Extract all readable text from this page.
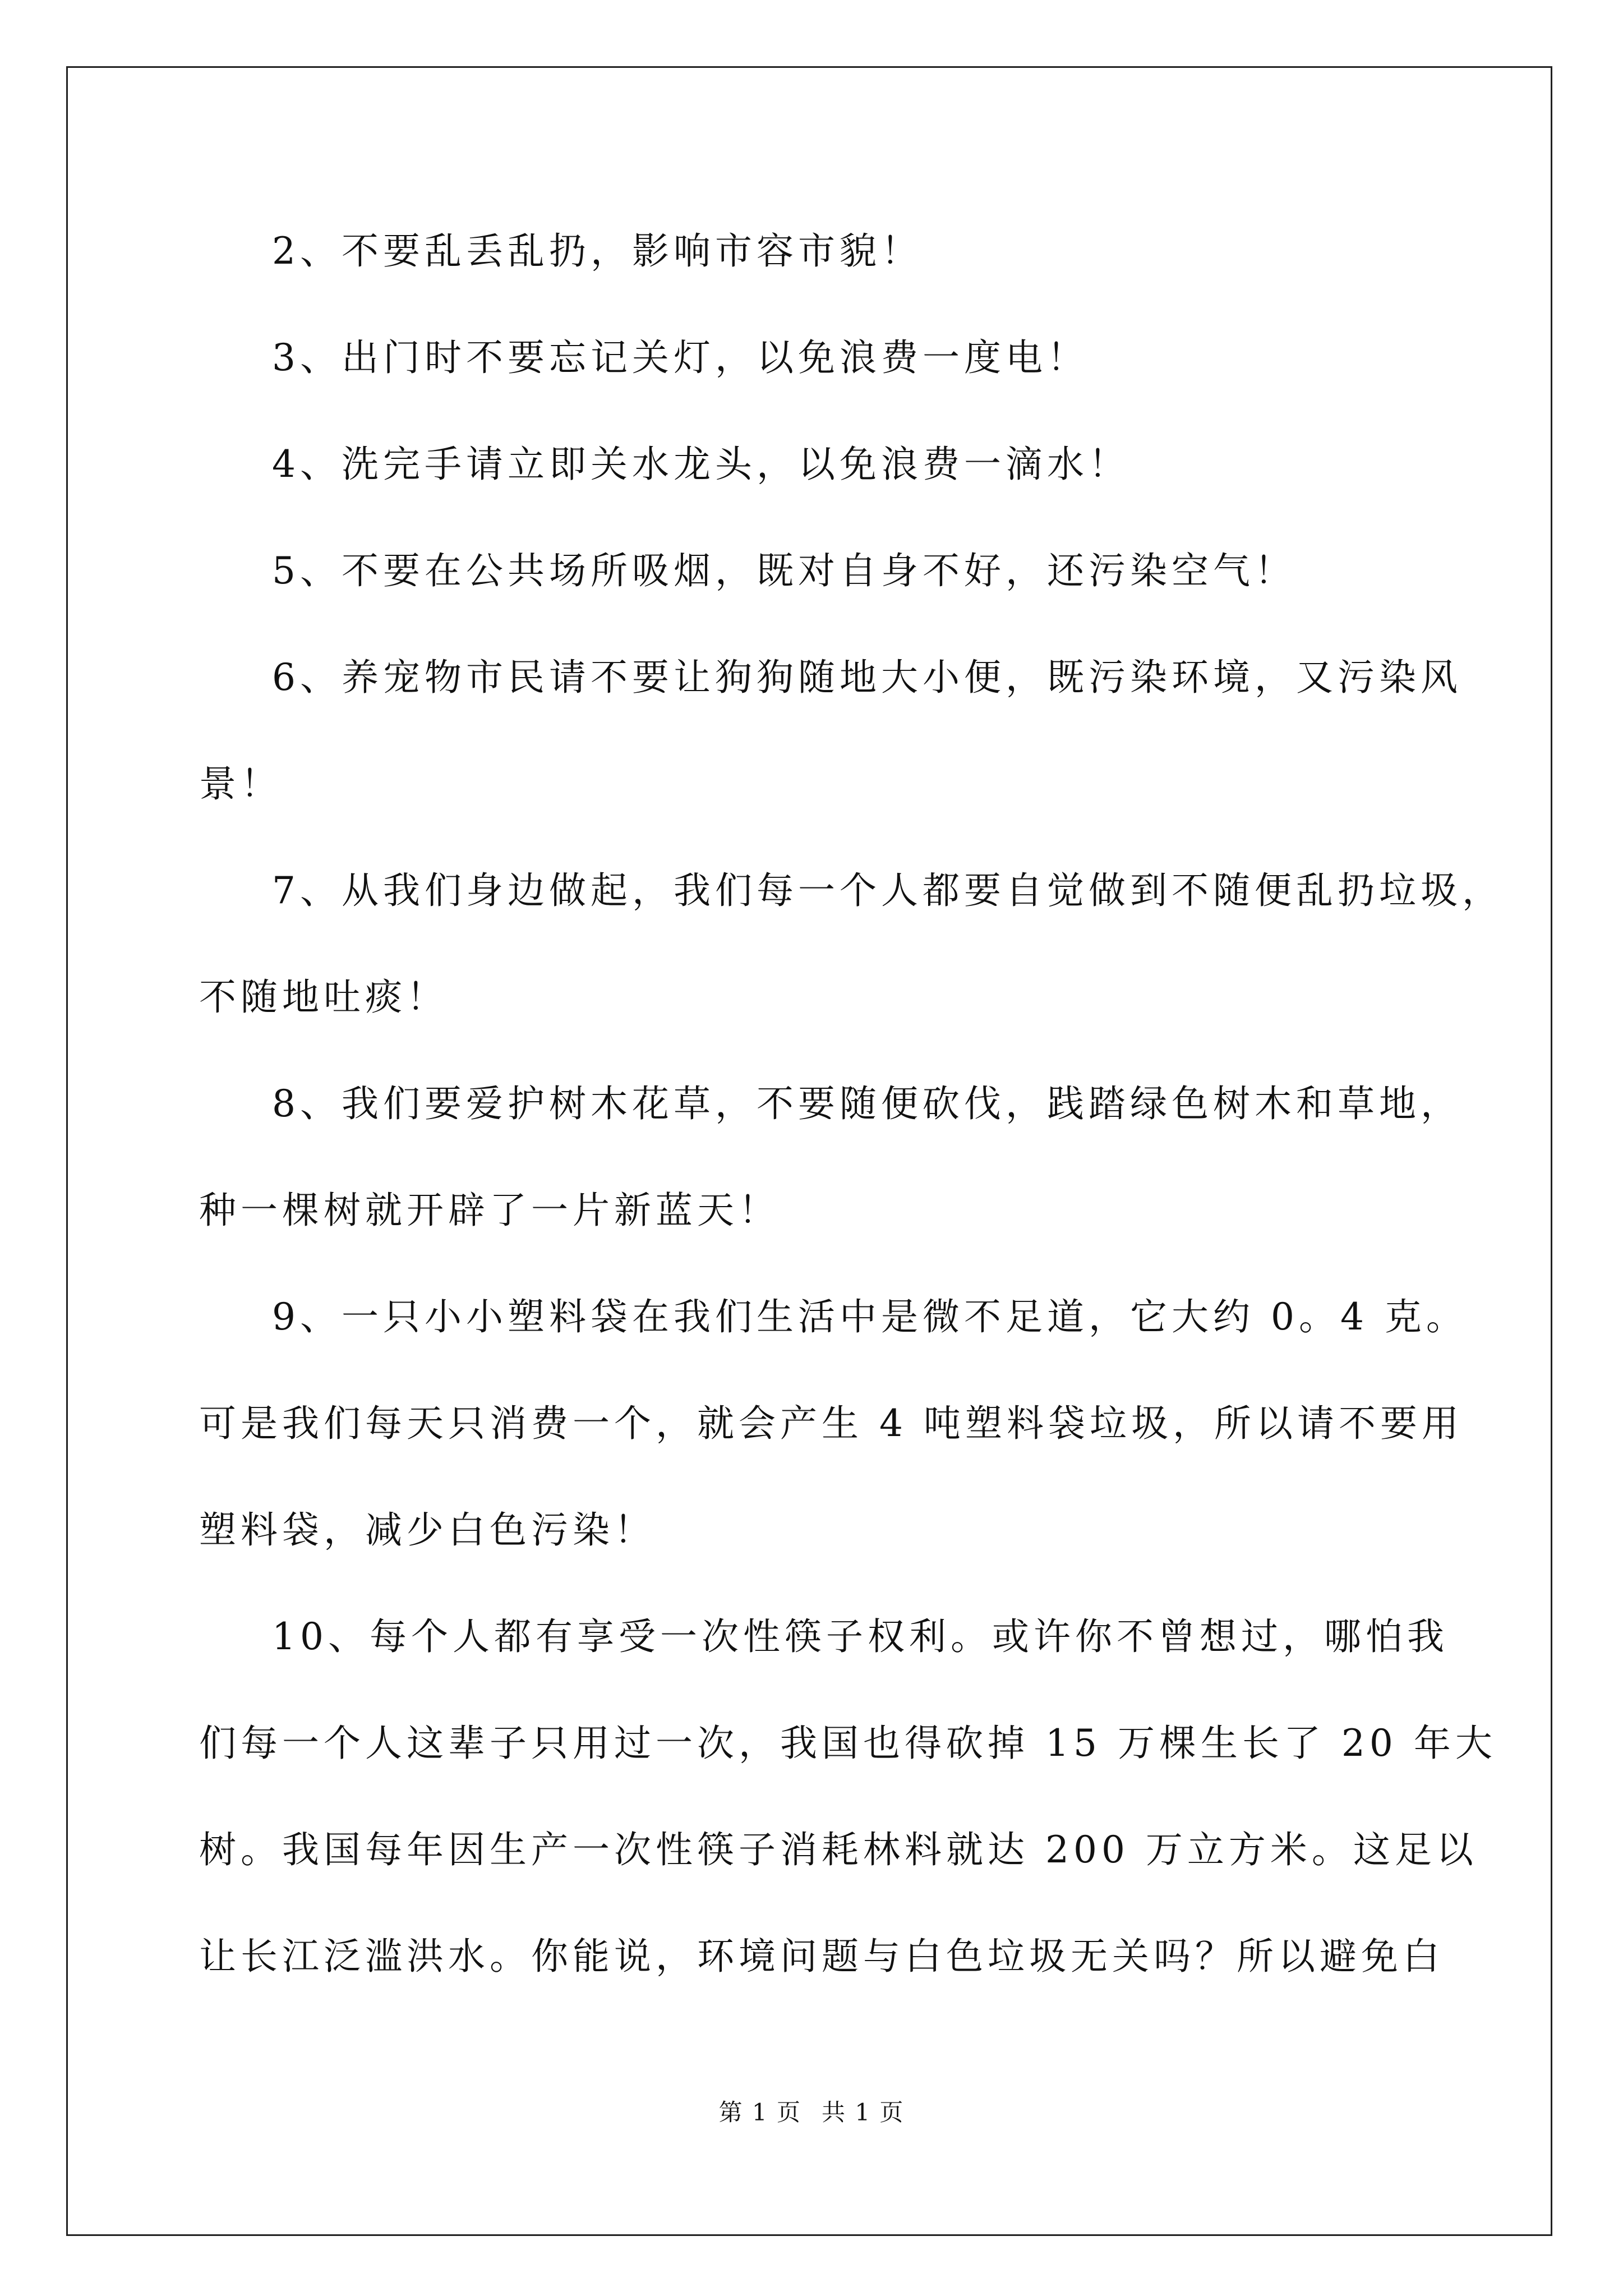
2、不要乱丢乱扔，影响市容市貌！
3、出门时不要忘记关灯，以免浪费一度电！
4、洗完手请立即关水龙头，以免浪费一滴水！
5、不要在公共场所吸烟，既对自身不好，还污染空气！
6、养宠物市民请不要让狗狗随地大小便，既污染环境，又污染风
景！
7、从我们身边做起，我们每一个人都要自觉做到不随便乱扔垃圾，
不随地吐痰！
8、我们要爱护树木花草，不要随便砍伐，践踏绿色树木和草地，
种一棵树就开辟了一片新蓝天！
9、一只小小塑料袋在我们生活中是微不足道，它大约 0。4 克。
可是我们每天只消费一个，就会产生 4 吨塑料袋垃圾，所以请不要用
塑料袋，减少白色污染！
10、每个人都有享受一次性筷子权利。或许你不曾想过，哪怕我
们每一个人这辈子只用过一次，我国也得砍掉 15 万棵生长了 20 年大
树。我国每年因生产一次性筷子消耗林料就达 200 万立方米。这足以
让长江泛滥洪水。你能说，环境问题与白色垃圾无关吗？所以避免白
第 1 页 共 1 页
